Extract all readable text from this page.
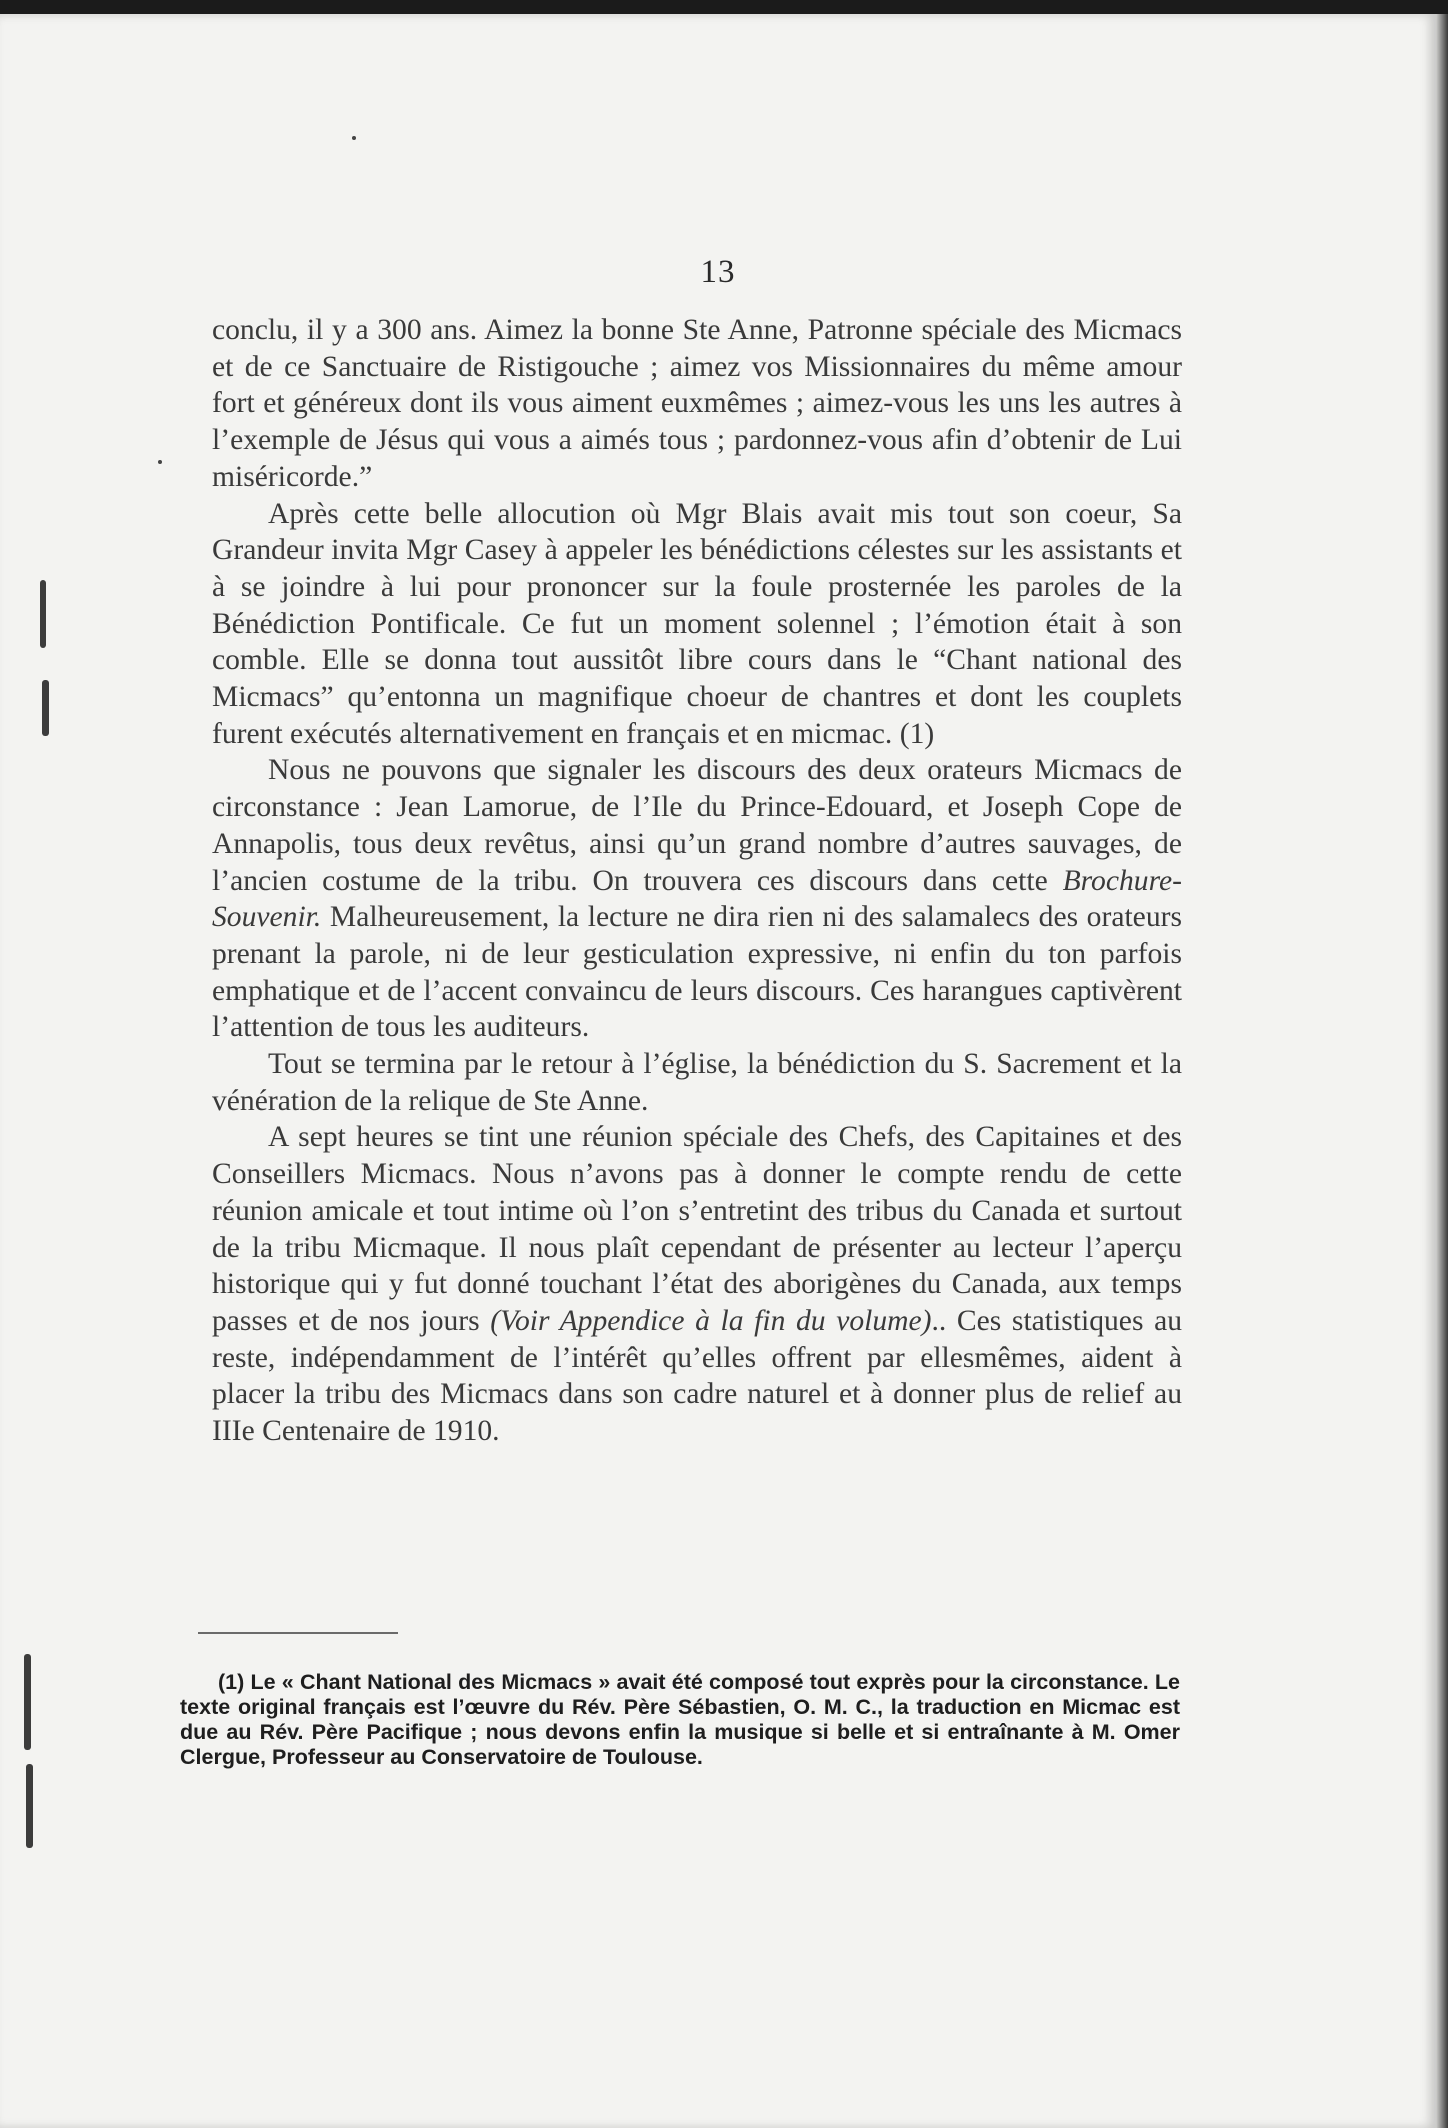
13

conclu, il y a 300 ans. Aimez la bonne Ste Anne, Patronne spéciale des Micmacs et de ce Sanctuaire de Ristigouche ; aimez vos Missionnaires du même amour fort et généreux dont ils vous aiment euxmêmes ; aimez-vous les uns les autres à l’exemple de Jésus qui vous a aimés tous ; pardonnez-vous afin d’obtenir de Lui miséricorde.”

Après cette belle allocution où Mgr Blais avait mis tout son coeur, Sa Grandeur invita Mgr Casey à appeler les bénédictions célestes sur les assistants et à se joindre à lui pour prononcer sur la foule prosternée les paroles de la Bénédiction Pontificale. Ce fut un moment solennel ; l’émotion était à son comble. Elle se donna tout aussitôt libre cours dans le “Chant national des Micmacs” qu’entonna un magnifique choeur de chantres et dont les couplets furent exécutés alternativement en français et en micmac. (1)

Nous ne pouvons que signaler les discours des deux orateurs Micmacs de circonstance : Jean Lamorue, de l’Ile du Prince-Edouard, et Joseph Cope de Annapolis, tous deux revêtus, ainsi qu’un grand nombre d’autres sauvages, de l’ancien costume de la tribu. On trouvera ces discours dans cette Brochure-Souvenir. Malheureusement, la lecture ne dira rien ni des salamalecs des orateurs prenant la parole, ni de leur gesticulation expressive, ni enfin du ton parfois emphatique et de l’accent convaincu de leurs discours. Ces harangues captivèrent l’attention de tous les auditeurs.

Tout se termina par le retour à l’église, la bénédiction du S. Sacrement et la vénération de la relique de Ste Anne.

A sept heures se tint une réunion spéciale des Chefs, des Capitaines et des Conseillers Micmacs. Nous n’avons pas à donner le compte rendu de cette réunion amicale et tout intime où l’on s’entretint des tribus du Canada et surtout de la tribu Micmaque. Il nous plaît cependant de présenter au lecteur l’aperçu historique qui y fut donné touchant l’état des aborigènes du Canada, aux temps passes et de nos jours (Voir Appendice à la fin du volume).. Ces statistiques au reste, indépendamment de l’intérêt qu’elles offrent par ellesmêmes, aident à placer la tribu des Micmacs dans son cadre naturel et à donner plus de relief au IIIe Centenaire de 1910.

(1) Le « Chant National des Micmacs » avait été composé tout exprès pour la circonstance. Le texte original français est l’œuvre du Rév. Père Sébastien, O. M. C., la traduction en Micmac est due au Rév. Père Pacifique ; nous devons enfin la musique si belle et si entraînante à M. Omer Clergue, Professeur au Conservatoire de Toulouse.
